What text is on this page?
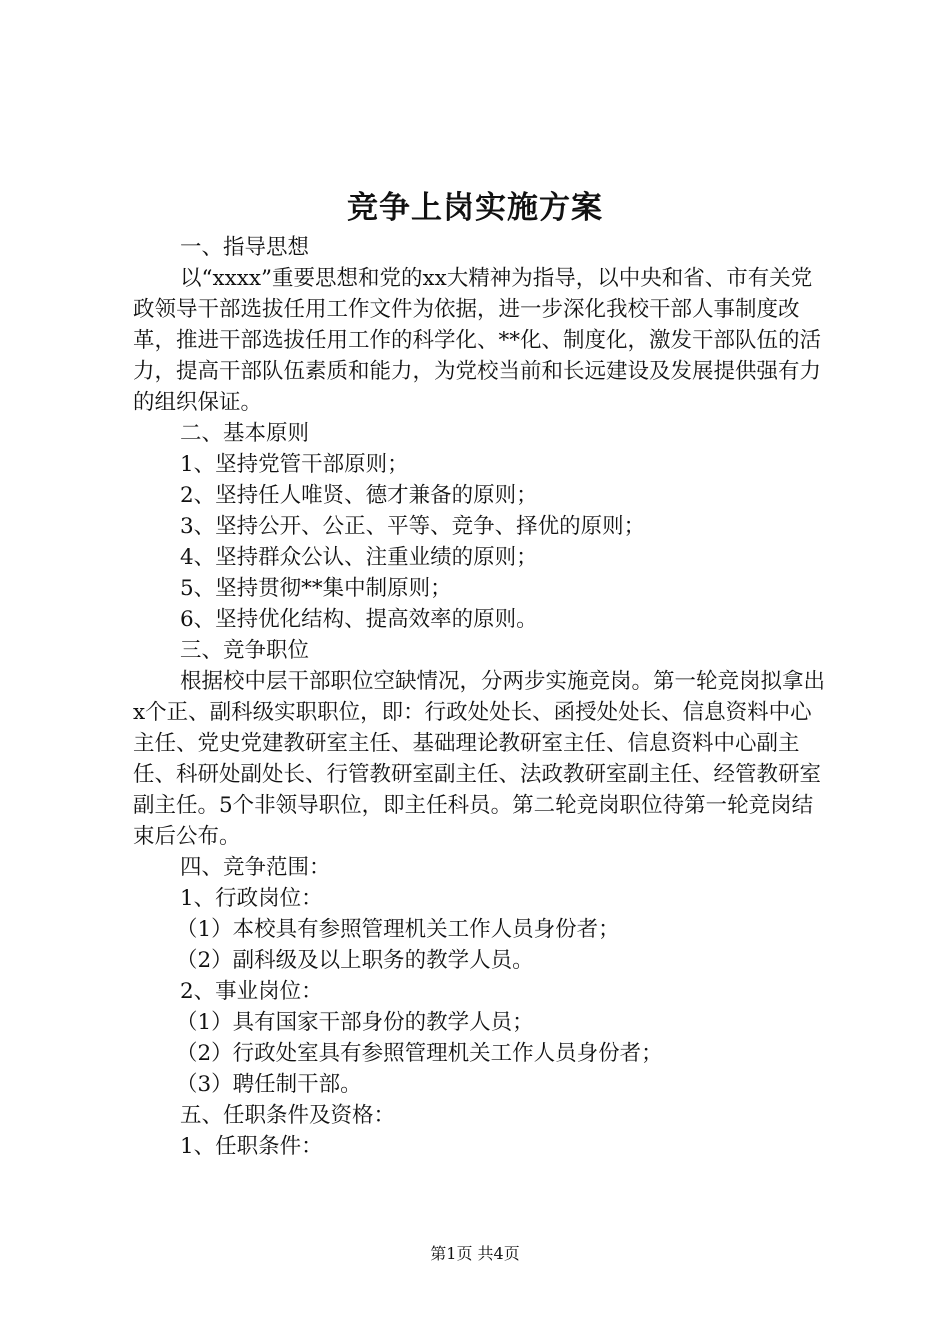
竞争上岗实施方案

一、指导思想

以“xxxx”重要思想和党的xx大精神为指导，以中央和省、市有关党政领导干部选拔任用工作文件为依据，进一步深化我校干部人事制度改革，推进干部选拔任用工作的科学化、**化、制度化，激发干部队伍的活力，提高干部队伍素质和能力，为党校当前和长远建设及发展提供强有力的组织保证。

二、基本原则

1、坚持党管干部原则；

2、坚持任人唯贤、德才兼备的原则；

3、坚持公开、公正、平等、竞争、择优的原则；

4、坚持群众公认、注重业绩的原则；

5、坚持贯彻**集中制原则；

6、坚持优化结构、提高效率的原则。

三、竞争职位

根据校中层干部职位空缺情况，分两步实施竞岗。第一轮竞岗拟拿出x个正、副科级实职职位，即：行政处处长、函授处处长、信息资料中心主任、党史党建教研室主任、基础理论教研室主任、信息资料中心副主任、科研处副处长、行管教研室副主任、法政教研室副主任、经管教研室副主任。5个非领导职位，即主任科员。第二轮竞岗职位待第一轮竞岗结束后公布。

四、竞争范围：

1、行政岗位：

（1）本校具有参照管理机关工作人员身份者；

（2）副科级及以上职务的教学人员。

2、事业岗位：

（1）具有国家干部身份的教学人员；

（2）行政处室具有参照管理机关工作人员身份者；

（3）聘任制干部。

五、任职条件及资格：

1、任职条件：

第1页 共4页
